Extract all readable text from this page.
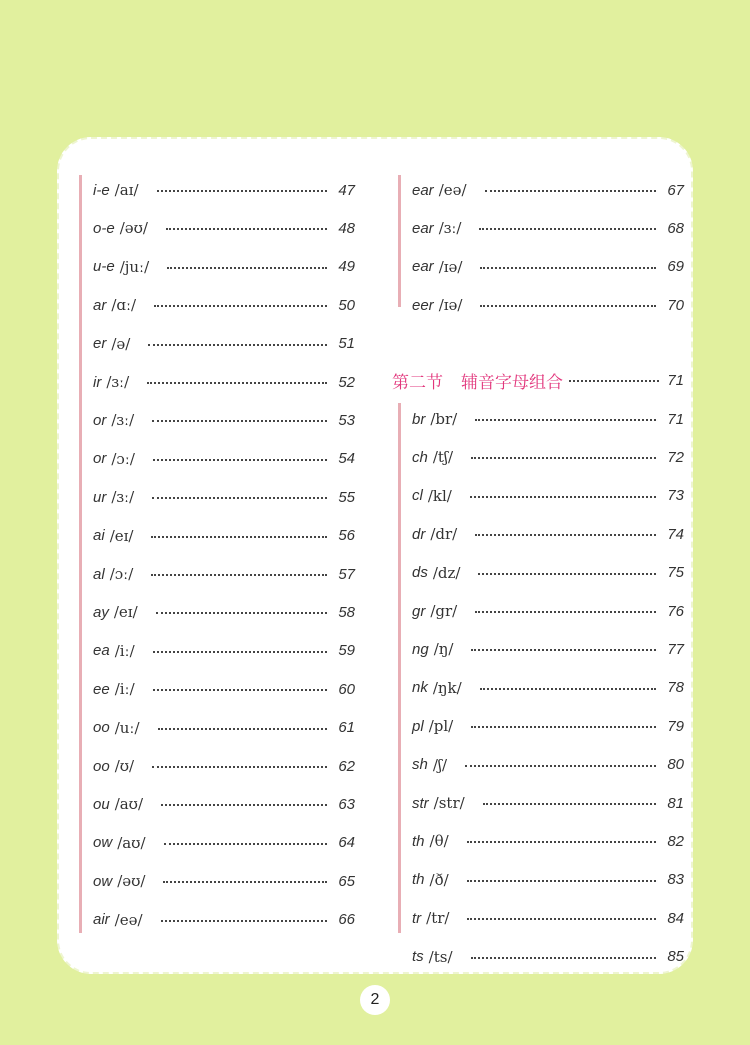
i-e /aɪ/	47
o-e /əʊ/	48
u-e /juː/	49
ar /ɑː/	50
er /ə/	51
ir /ɜː/	52
or /ɜː/	53
or /ɔː/	54
ur /ɜː/	55
ai /eɪ/	56
al /ɔː/	57
ay /eɪ/	58
ea /iː/	59
ee /iː/	60
oo /uː/	61
oo /ʊ/	62
ou /aʊ/	63
ow /aʊ/	64
ow /əʊ/	65
air /eə/	66
ear /eə/	67
ear /ɜː/	68
ear /ɪə/	69
eer /ɪə/	70
第二节 辅音字母组合	71
br /br/	71
ch /tʃ/	72
cl /kl/	73
dr /dr/	74
ds /dz/	75
gr /gr/	76
ng /ŋ/	77
nk /ŋk/	78
pl /pl/	79
sh /ʃ/	80
str /str/	81
th /θ/	82
th /ð/	83
tr /tr/	84
ts /ts/	85
2
